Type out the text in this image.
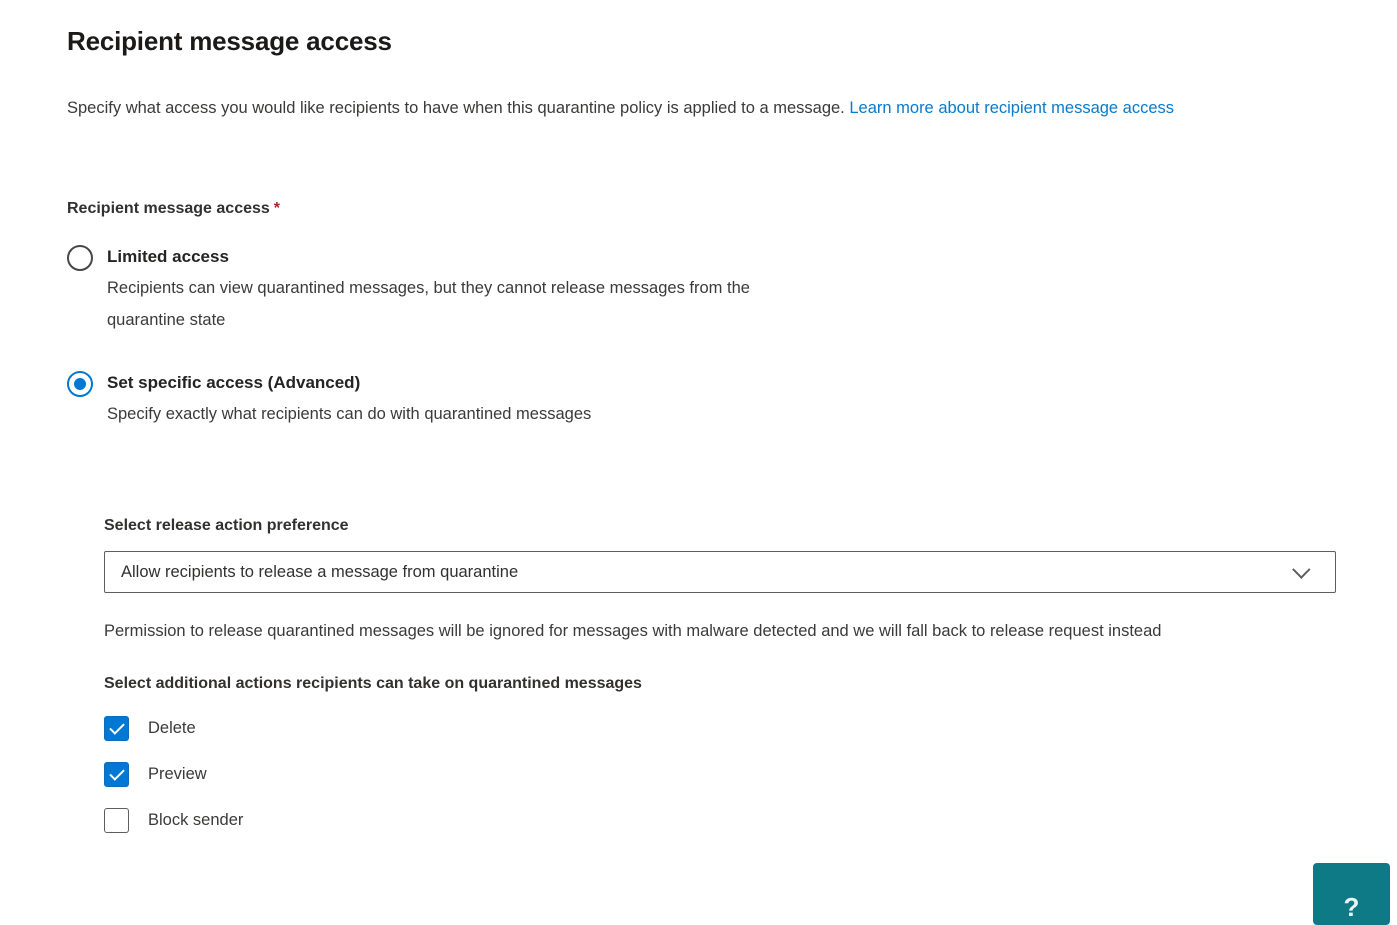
Recipient message access

Specify what access you would like recipients to have when this quarantine policy is applied to a message. Learn more about recipient message access

Recipient message access *
Limited access
Recipients can view quarantined messages, but they cannot release messages from the quarantine state
Set specific access (Advanced)
Specify exactly what recipients can do with quarantined messages
Select release action preference
Allow recipients to release a message from quarantine

Permission to release quarantined messages will be ignored for messages with malware detected and we will fall back to release request instead

Select additional actions recipients can take on quarantined messages
Delete
Preview
Block sender
?
